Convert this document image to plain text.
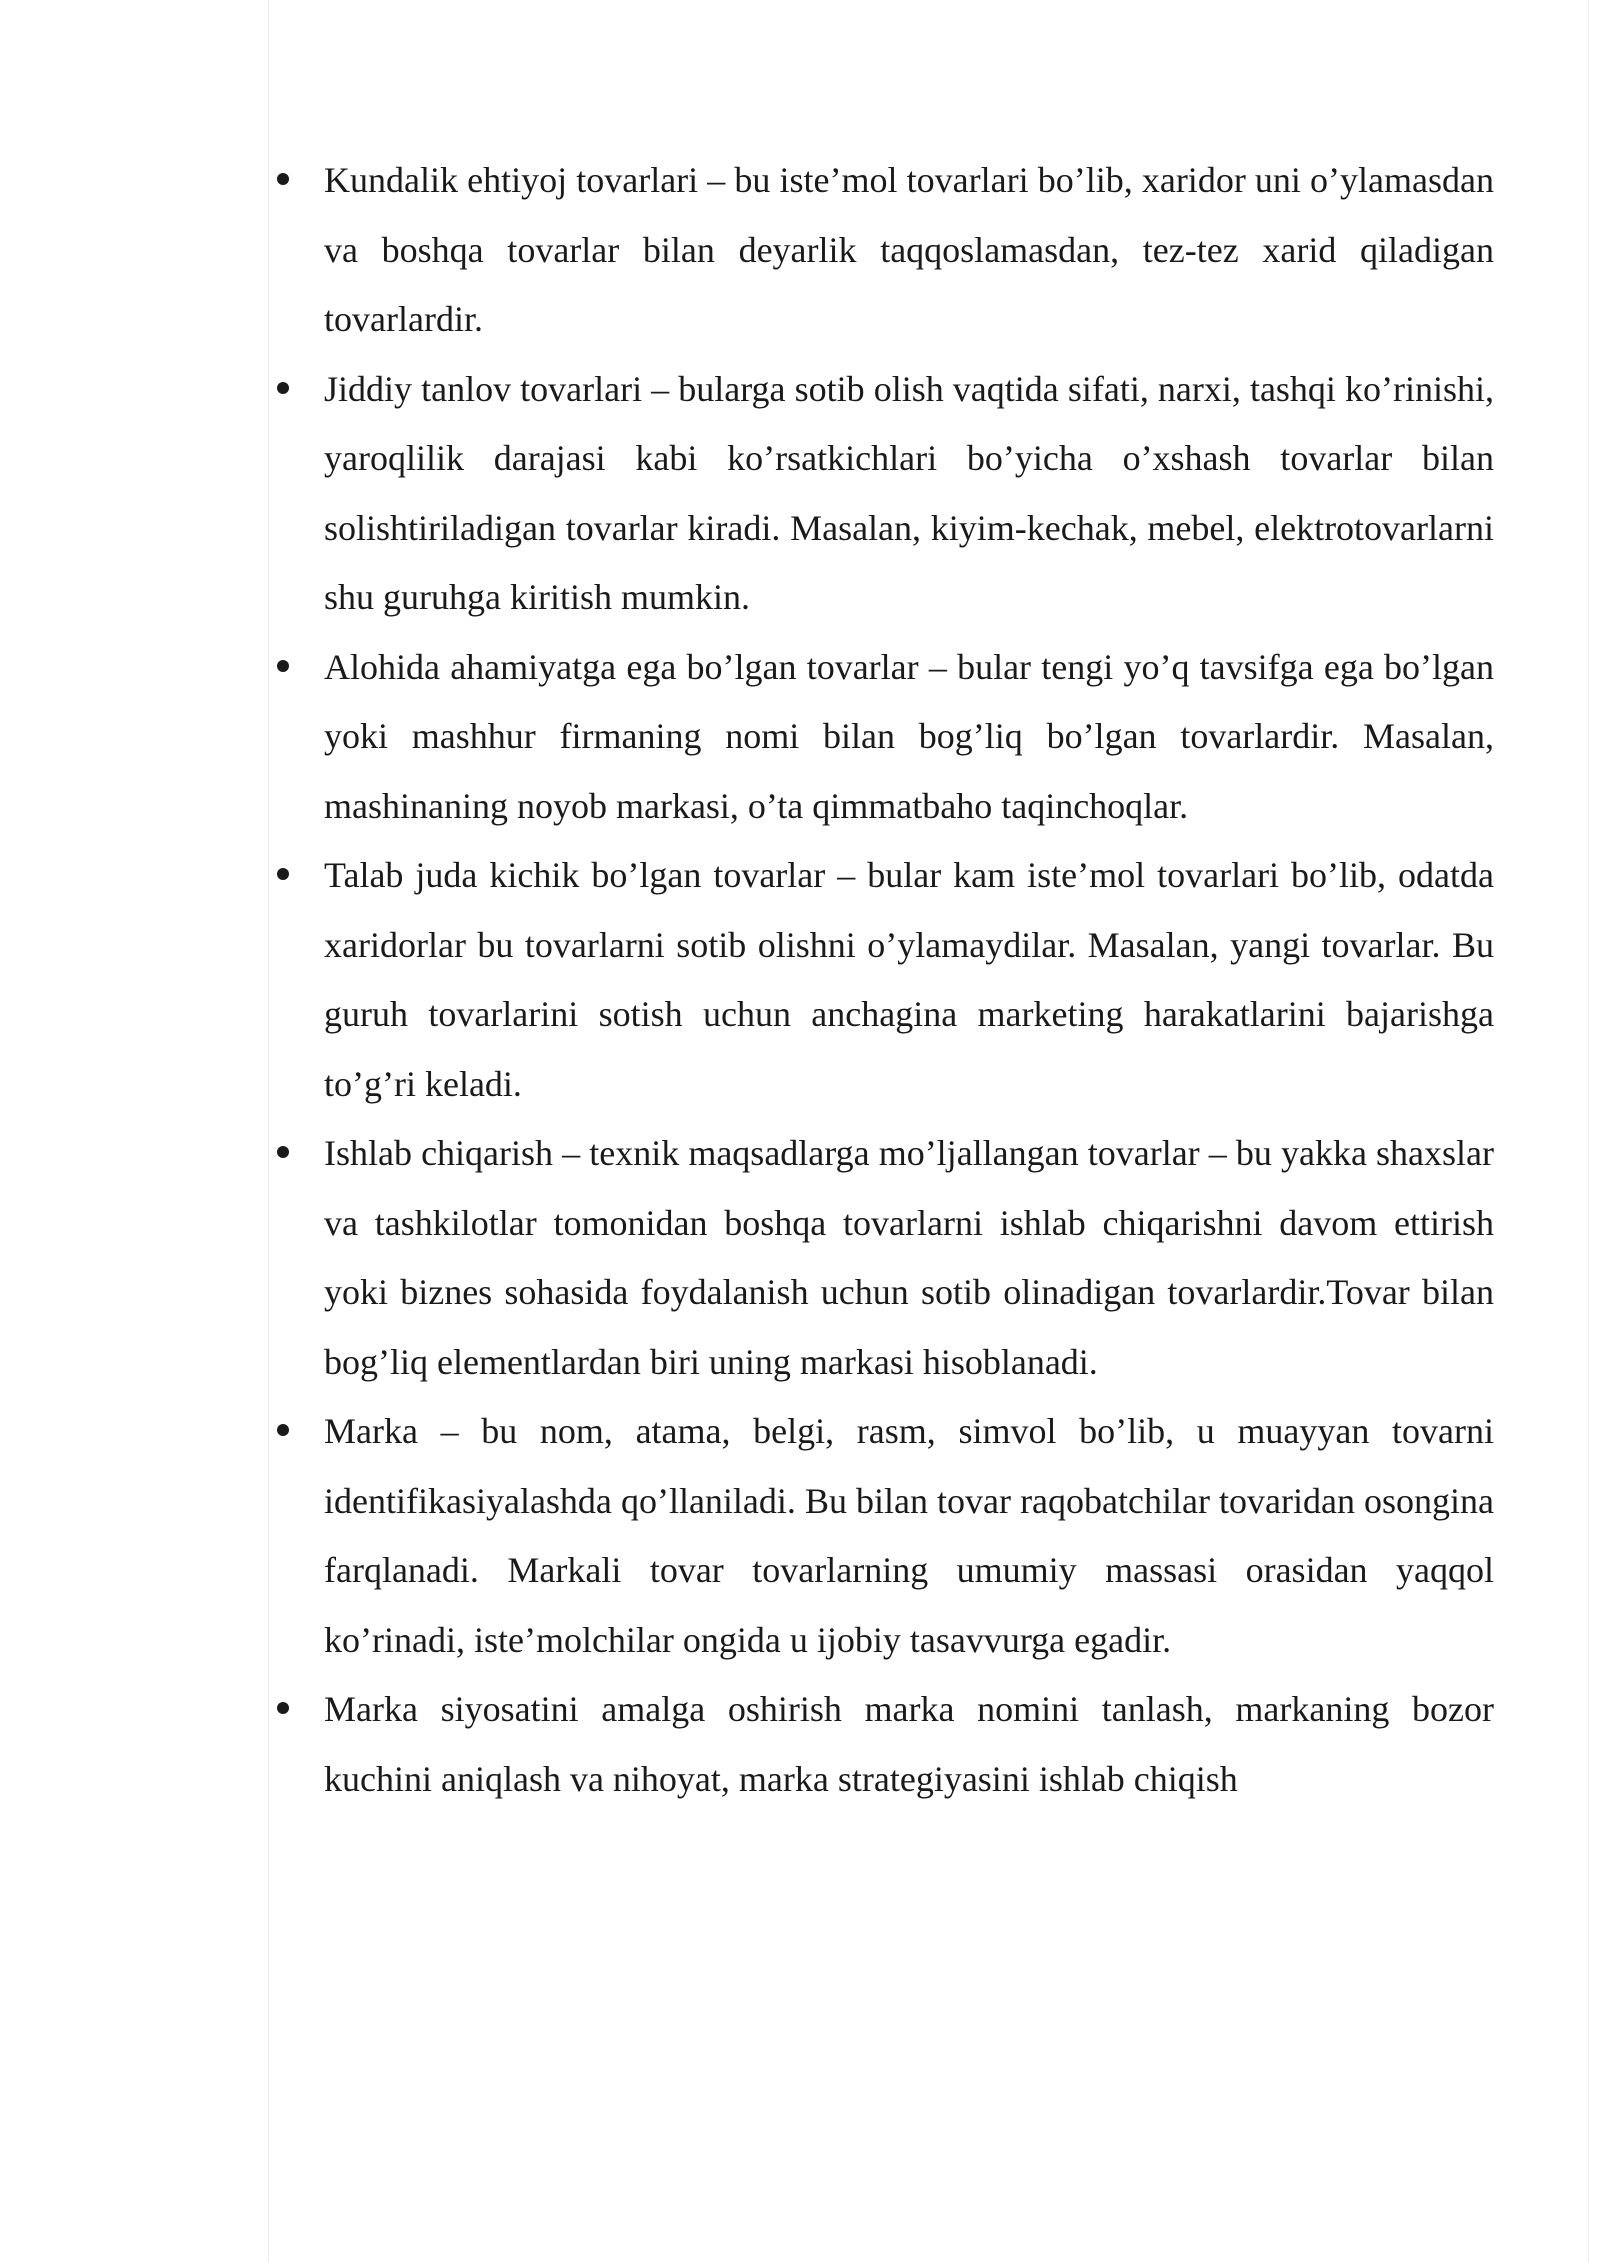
Kundalik ehtiyoj tovarlari – bu iste’mol tovarlari bo’lib, xaridor uni o’ylamasdan va boshqa tovarlar bilan deyarlik taqqoslamasdan, tez-tez xarid qiladigan tovarlardir.
Jiddiy tanlov tovarlari – bularga sotib olish vaqtida sifati, narxi, tashqi ko’rinishi, yaroqlilik darajasi kabi ko’rsatkichlari bo’yicha o’xshash tovarlar bilan solishtiriladigan tovarlar kiradi. Masalan, kiyim-kechak, mebel, elektrotovarlarni shu guruhga kiritish mumkin.
Alohida ahamiyatga ega bo’lgan tovarlar – bular tengi yo’q tavsifga ega bo’lgan yoki mashhur firmaning nomi bilan bog’liq bo’lgan tovarlardir. Masalan, mashinaning noyob markasi, o’ta qimmatbaho taqinchoqlar.
Talab juda kichik bo’lgan tovarlar – bular kam iste’mol tovarlari bo’lib, odatda xaridorlar bu tovarlarni sotib olishni o’ylamaydilar. Masalan, yangi tovarlar. Bu guruh tovarlarini sotish uchun anchagina marketing harakatlarini bajarishga to’g’ri keladi.
Ishlab chiqarish – texnik maqsadlarga mo’ljallangan tovarlar – bu yakka shaxslar va tashkilotlar tomonidan boshqa tovarlarni ishlab chiqarishni davom ettirish yoki biznes sohasida foydalanish uchun sotib olinadigan tovarlardir.Tovar bilan bog’liq elementlardan biri uning markasi hisoblanadi.
Marka – bu nom, atama, belgi, rasm, simvol bo’lib, u muayyan tovarni identifikasiyalashda qo’llaniladi. Bu bilan tovar raqobatchilar tovaridan osongina farqlanadi. Markali tovar tovarlarning umumiy massasi orasidan yaqqol ko’rinadi, iste’molchilar ongida u ijobiy tasavvurga egadir.
Marka siyosatini amalga oshirish marka nomini tanlash, markaning bozor kuchini aniqlash va nihoyat, marka strategiyasini ishlab chiqish
